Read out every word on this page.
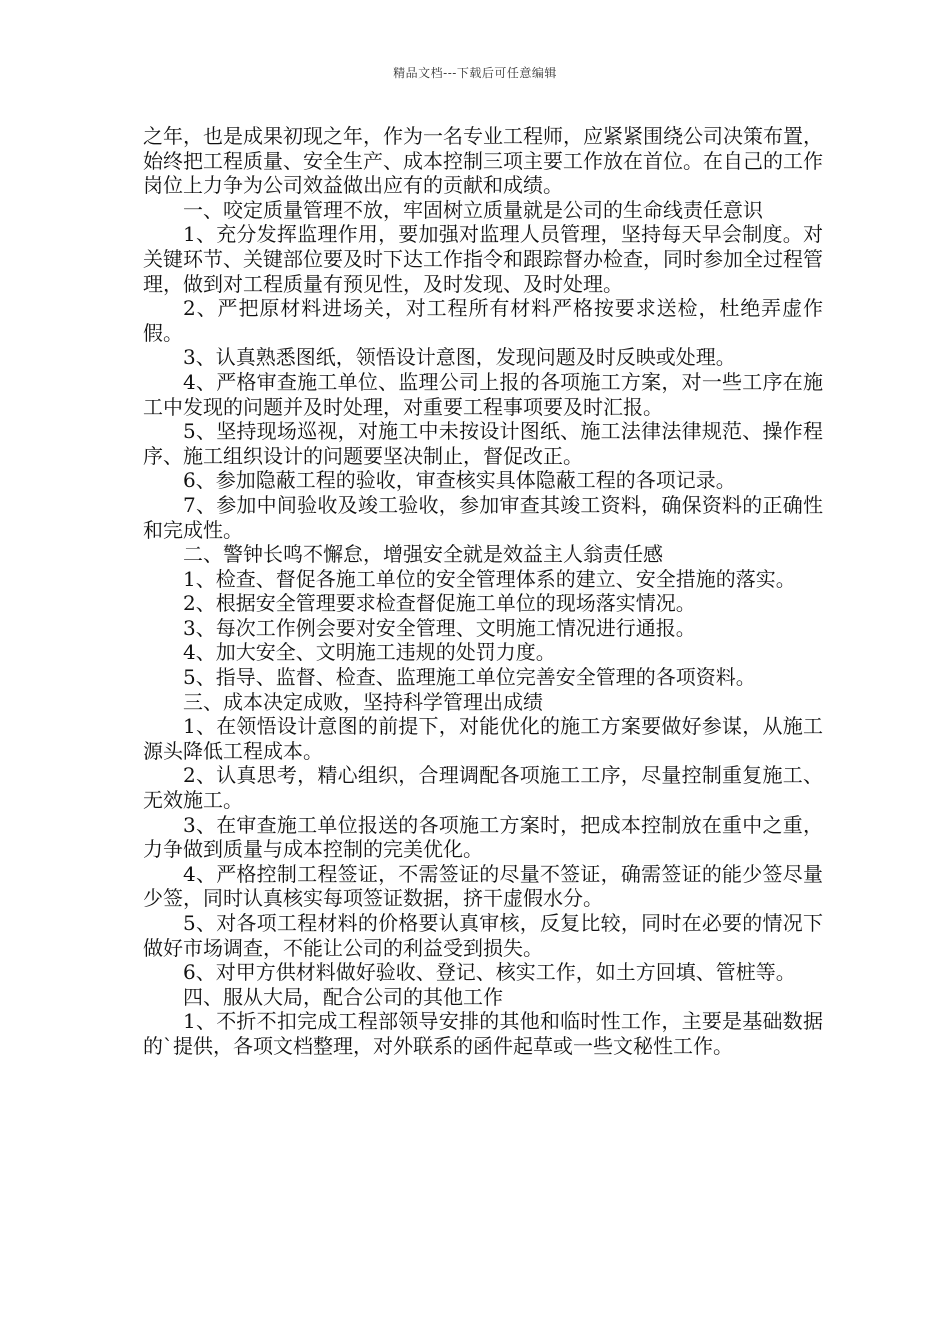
精品文档---下载后可任意编辑

之年，也是成果初现之年，作为一名专业工程师，应紧紧围绕公司决策布置，始终把工程质量、安全生产、成本控制三项主要工作放在首位。在自己的工作岗位上力争为公司效益做出应有的贡献和成绩。

一、咬定质量管理不放，牢固树立质量就是公司的生命线责任意识

1、充分发挥监理作用，要加强对监理人员管理，坚持每天早会制度。对关键环节、关键部位要及时下达工作指令和跟踪督办检查，同时参加全过程管理，做到对工程质量有预见性，及时发现、及时处理。

2、严把原材料进场关，对工程所有材料严格按要求送检，杜绝弄虚作假。

3、认真熟悉图纸，领悟设计意图，发现问题及时反映或处理。

4、严格审查施工单位、监理公司上报的各项施工方案，对一些工序在施工中发现的问题并及时处理，对重要工程事项要及时汇报。

5、坚持现场巡视，对施工中未按设计图纸、施工法律法律规范、操作程序、施工组织设计的问题要坚决制止，督促改正。

6、参加隐蔽工程的验收，审查核实具体隐蔽工程的各项记录。

7、参加中间验收及竣工验收，参加审查其竣工资料，确保资料的正确性和完成性。

二、警钟长鸣不懈怠，增强安全就是效益主人翁责任感

1、检查、督促各施工单位的安全管理体系的建立、安全措施的落实。

2、根据安全管理要求检查督促施工单位的现场落实情况。

3、每次工作例会要对安全管理、文明施工情况进行通报。

4、加大安全、文明施工违规的处罚力度。

5、指导、监督、检查、监理施工单位完善安全管理的各项资料。

三、成本决定成败，坚持科学管理出成绩

1、在领悟设计意图的前提下，对能优化的施工方案要做好参谋，从施工源头降低工程成本。

2、认真思考，精心组织，合理调配各项施工工序，尽量控制重复施工、无效施工。

3、在审查施工单位报送的各项施工方案时，把成本控制放在重中之重，力争做到质量与成本控制的完美优化。

4、严格控制工程签证，不需签证的尽量不签证，确需签证的能少签尽量少签，同时认真核实每项签证数据，挤干虚假水分。

5、对各项工程材料的价格要认真审核，反复比较，同时在必要的情况下做好市场调查，不能让公司的利益受到损失。

6、对甲方供材料做好验收、登记、核实工作，如土方回填、管桩等。

四、服从大局，配合公司的其他工作

1、不折不扣完成工程部领导安排的其他和临时性工作，主要是基础数据的`提供，各项文档整理，对外联系的函件起草或一些文秘性工作。
